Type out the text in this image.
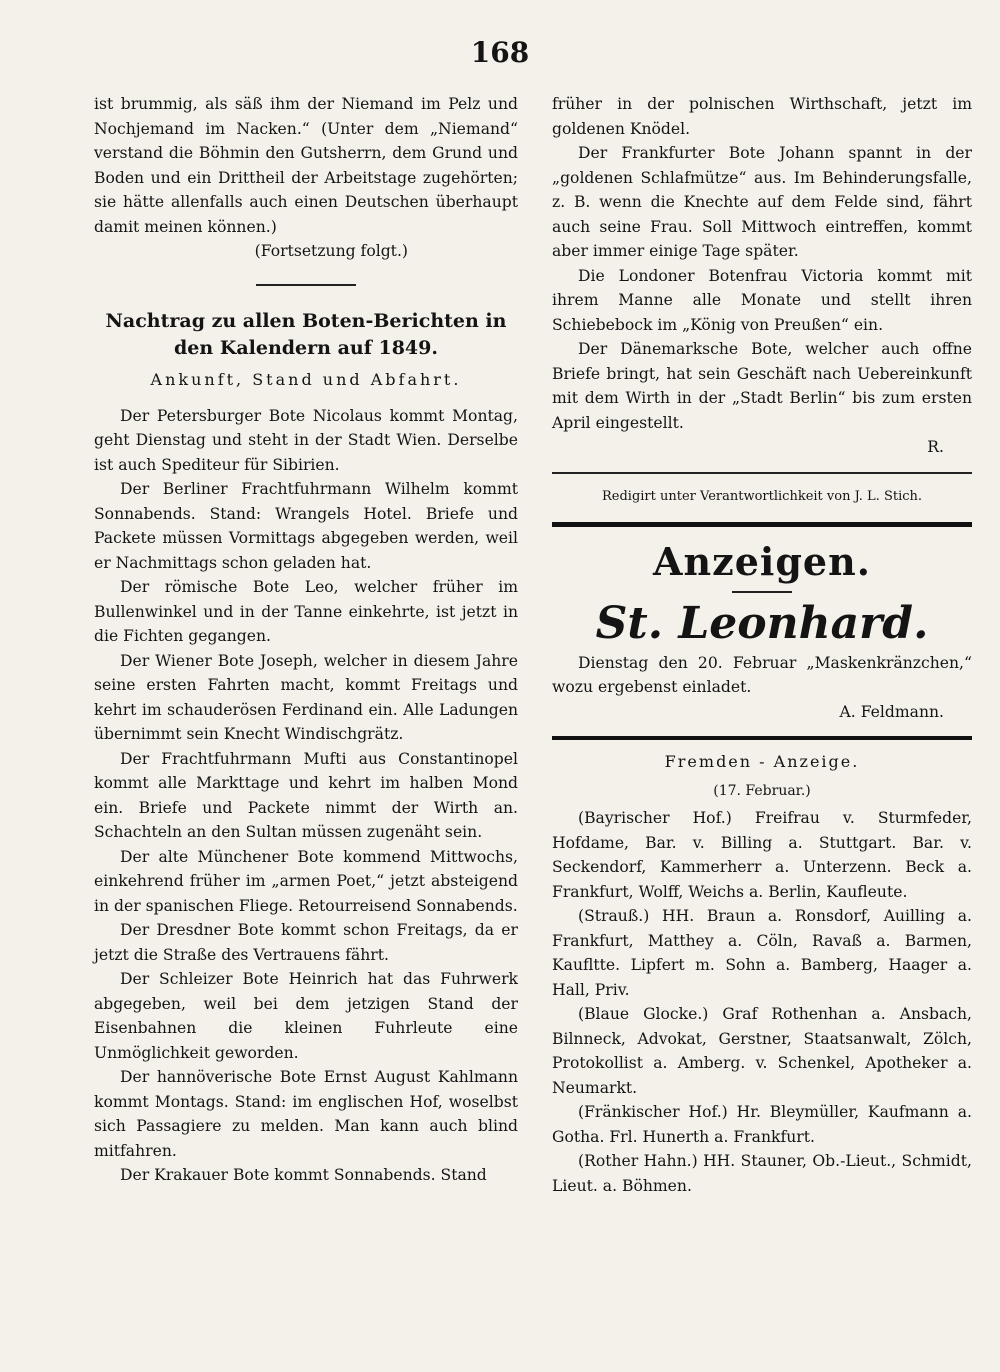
168

ist brummig, als säß ihm der Niemand im Pelz und Nochjemand im Nacken.“ (Unter dem „Niemand“ verstand die Böhmin den Gutsherrn, dem Grund und Boden und ein Drittheil der Arbeitstage zugehörten; sie hätte allenfalls auch einen Deutschen überhaupt damit meinen können.)

(Fortsetzung folgt.)

Nachtrag zu allen Boten-Berichten in

den Kalendern auf 1849.

Ankunft, Stand und Abfahrt.

Der Petersburger Bote Nicolaus kommt Montag, geht Dienstag und steht in der Stadt Wien. Derselbe ist auch Spediteur für Sibirien.

Der Berliner Frachtfuhrmann Wilhelm kommt Sonnabends. Stand: Wrangels Hotel. Briefe und Packete müssen Vormittags abgegeben werden, weil er Nachmittags schon geladen hat.

Der römische Bote Leo, welcher früher im Bullenwinkel und in der Tanne einkehrte, ist jetzt in die Fichten gegangen.

Der Wiener Bote Joseph, welcher in diesem Jahre seine ersten Fahrten macht, kommt Freitags und kehrt im schauderösen Ferdinand ein. Alle Ladungen übernimmt sein Knecht Windischgrätz.

Der Frachtfuhrmann Mufti aus Constantinopel kommt alle Markttage und kehrt im halben Mond ein. Briefe und Packete nimmt der Wirth an. Schachteln an den Sultan müssen zugenäht sein.

Der alte Münchener Bote kommend Mittwochs, einkehrend früher im „armen Poet,“ jetzt absteigend in der spanischen Fliege. Retourreisend Sonnabends.

Der Dresdner Bote kommt schon Freitags, da er jetzt die Straße des Vertrauens fährt.

Der Schleizer Bote Heinrich hat das Fuhrwerk abgegeben, weil bei dem jetzigen Stand der Eisenbahnen die kleinen Fuhrleute eine Unmöglichkeit geworden.

Der hannöverische Bote Ernst August Kahlmann kommt Montags. Stand: im englischen Hof, woselbst sich Passagiere zu melden. Man kann auch blind mitfahren.

Der Krakauer Bote kommt Sonnabends. Stand

früher in der polnischen Wirthschaft, jetzt im goldenen Knödel.

Der Frankfurter Bote Johann spannt in der „goldenen Schlafmütze“ aus. Im Behinderungsfalle, z. B. wenn die Knechte auf dem Felde sind, fährt auch seine Frau. Soll Mittwoch eintreffen, kommt aber immer einige Tage später.

Die Londoner Botenfrau Victoria kommt mit ihrem Manne alle Monate und stellt ihren Schiebebock im „König von Preußen“ ein.

Der Dänemarksche Bote, welcher auch offne Briefe bringt, hat sein Geschäft nach Uebereinkunft mit dem Wirth in der „Stadt Berlin“ bis zum ersten April eingestellt.

R.

Redigirt unter Verantwortlichkeit von J. L. Stich.

Anzeigen.

St. Leonhard.

Dienstag den 20. Februar „Maskenkränzchen,“ wozu ergebenst einladet.

A. Feldmann.

Fremden - Anzeige.

(17. Februar.)

(Bayrischer Hof.) Freifrau v. Sturmfeder, Hofdame, Bar. v. Billing a. Stuttgart. Bar. v. Seckendorf, Kammerherr a. Unterzenn. Beck a. Frankfurt, Wolff, Weichs a. Berlin, Kaufleute.

(Strauß.) HH. Braun a. Ronsdorf, Auilling a. Frankfurt, Matthey a. Cöln, Ravaß a. Barmen, Kaufltte. Lipfert m. Sohn a. Bamberg, Haager a. Hall, Priv.

(Blaue Glocke.) Graf Rothenhan a. Ansbach, Bilnneck, Advokat, Gerstner, Staatsanwalt, Zölch, Protokollist a. Amberg. v. Schenkel, Apotheker a. Neumarkt.

(Fränkischer Hof.) Hr. Bleymüller, Kaufmann a. Gotha. Frl. Hunerth a. Frankfurt.

(Rother Hahn.) HH. Stauner, Ob.-Lieut., Schmidt, Lieut. a. Böhmen.
